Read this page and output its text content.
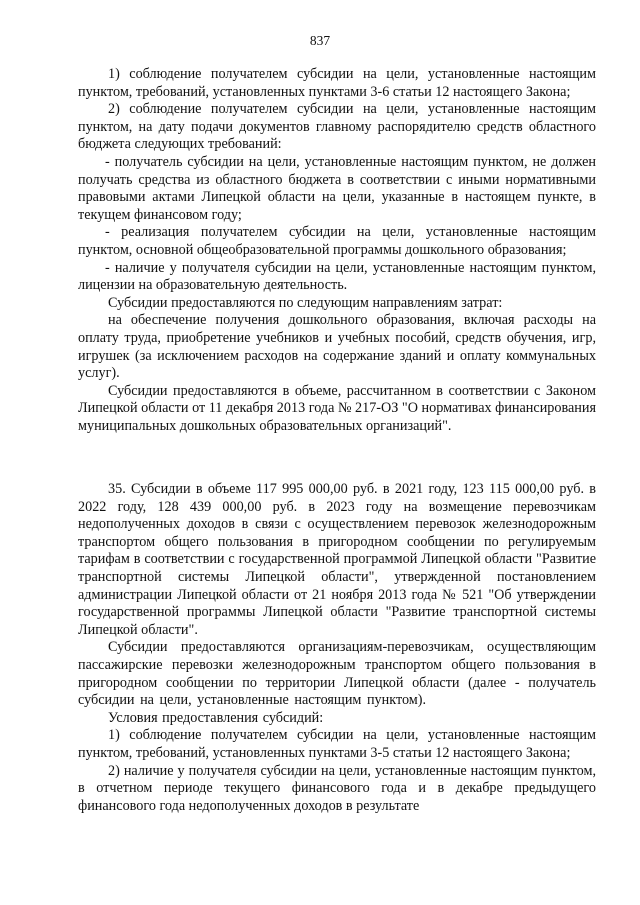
837

1) соблюдение получателем субсидии на цели, установленные настоящим пунктом, требований, установленных пунктами 3-6 статьи 12 настоящего Закона;

2) соблюдение получателем субсидии на цели, установленные настоящим пунктом, на дату подачи документов главному распорядителю средств областного бюджета следующих требований:

- получатель субсидии на цели, установленные настоящим пунктом, не должен получать средства из областного бюджета в соответствии с иными нормативными правовыми актами Липецкой области на цели, указанные в настоящем пункте, в текущем финансовом году;

- реализация получателем субсидии на цели, установленные настоящим пунктом, основной общеобразовательной программы дошкольного образования;

- наличие у получателя субсидии на цели, установленные настоящим пунктом, лицензии на образовательную деятельность.

Субсидии предоставляются по следующим направлениям затрат:

на обеспечение получения дошкольного образования, включая расходы на оплату труда, приобретение учебников и учебных пособий, средств обучения, игр, игрушек (за исключением расходов на содержание зданий и оплату коммунальных услуг).

Субсидии предоставляются в объеме, рассчитанном в соответствии с Законом Липецкой области от 11 декабря 2013 года № 217-ОЗ "О нормативах финансирования муниципальных дошкольных образовательных организаций".

35. Субсидии в объеме 117 995 000,00 руб. в 2021 году, 123 115 000,00 руб. в 2022 году, 128 439 000,00 руб. в 2023 году на возмещение перевозчикам недополученных доходов в связи с осуществлением перевозок железнодорожным транспортом общего пользования в пригородном сообщении по регулируемым тарифам в соответствии с государственной программой Липецкой области "Развитие транспортной системы Липецкой области", утвержденной постановлением администрации Липецкой области от 21 ноября 2013 года № 521 "Об утверждении государственной программы Липецкой области "Развитие транспортной системы Липецкой области".

Субсидии предоставляются организациям-перевозчикам, осуществляющим пассажирские перевозки железнодорожным транспортом общего пользования в пригородном сообщении по территории Липецкой области (далее - получатель субсидии на цели, установленные настоящим пунктом).

Условия предоставления субсидий:

1) соблюдение получателем субсидии на цели, установленные настоящим пунктом, требований, установленных пунктами 3-5 статьи 12 настоящего Закона;

2) наличие у получателя субсидии на цели, установленные настоящим пунктом, в отчетном периоде текущего финансового года и в декабре предыдущего финансового года недополученных доходов в результате
